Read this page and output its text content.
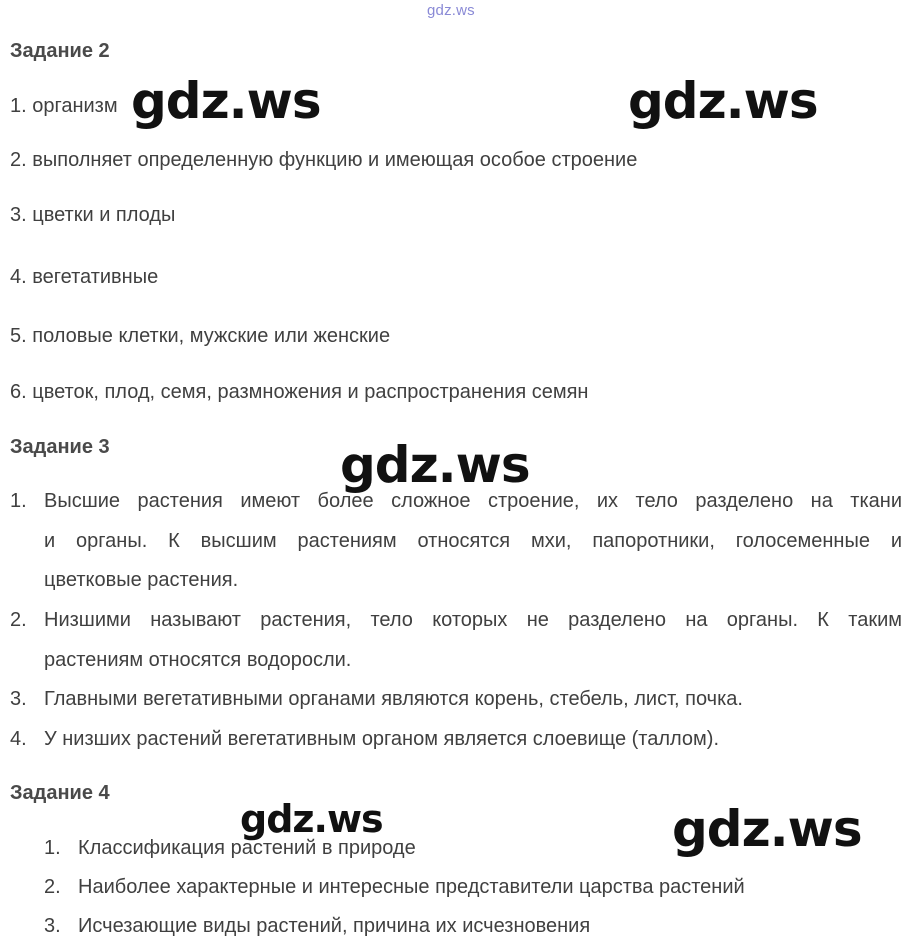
gdz.ws
Задание 2
1. организм
2. выполняет определенную функцию и имеющая особое строение
3. цветки и плоды
4. вегетативные
5. половые клетки, мужские или женские
6. цветок, плод, семя, размножения и распространения семян
Задание 3
1. Высшие растения имеют более сложное строение, их тело разделено на ткани
и органы. К высшим растениям относятся мхи, папоротники, голосеменные и
цветковые растения.
2. Низшими называют растения, тело которых не разделено на органы. К таким
растениям относятся водоросли.
3. Главными вегетативными органами являются корень, стебель, лист, почка.
4. У низших растений вегетативным органом является слоевище (таллом).
Задание 4
1. Классификация растений в природе
2. Наиболее характерные и интересные представители царства растений
3. Исчезающие виды растений, причина их исчезновения
gdz.ws	gdz.ws
gdz.ws
gdz.ws	gdz.ws
